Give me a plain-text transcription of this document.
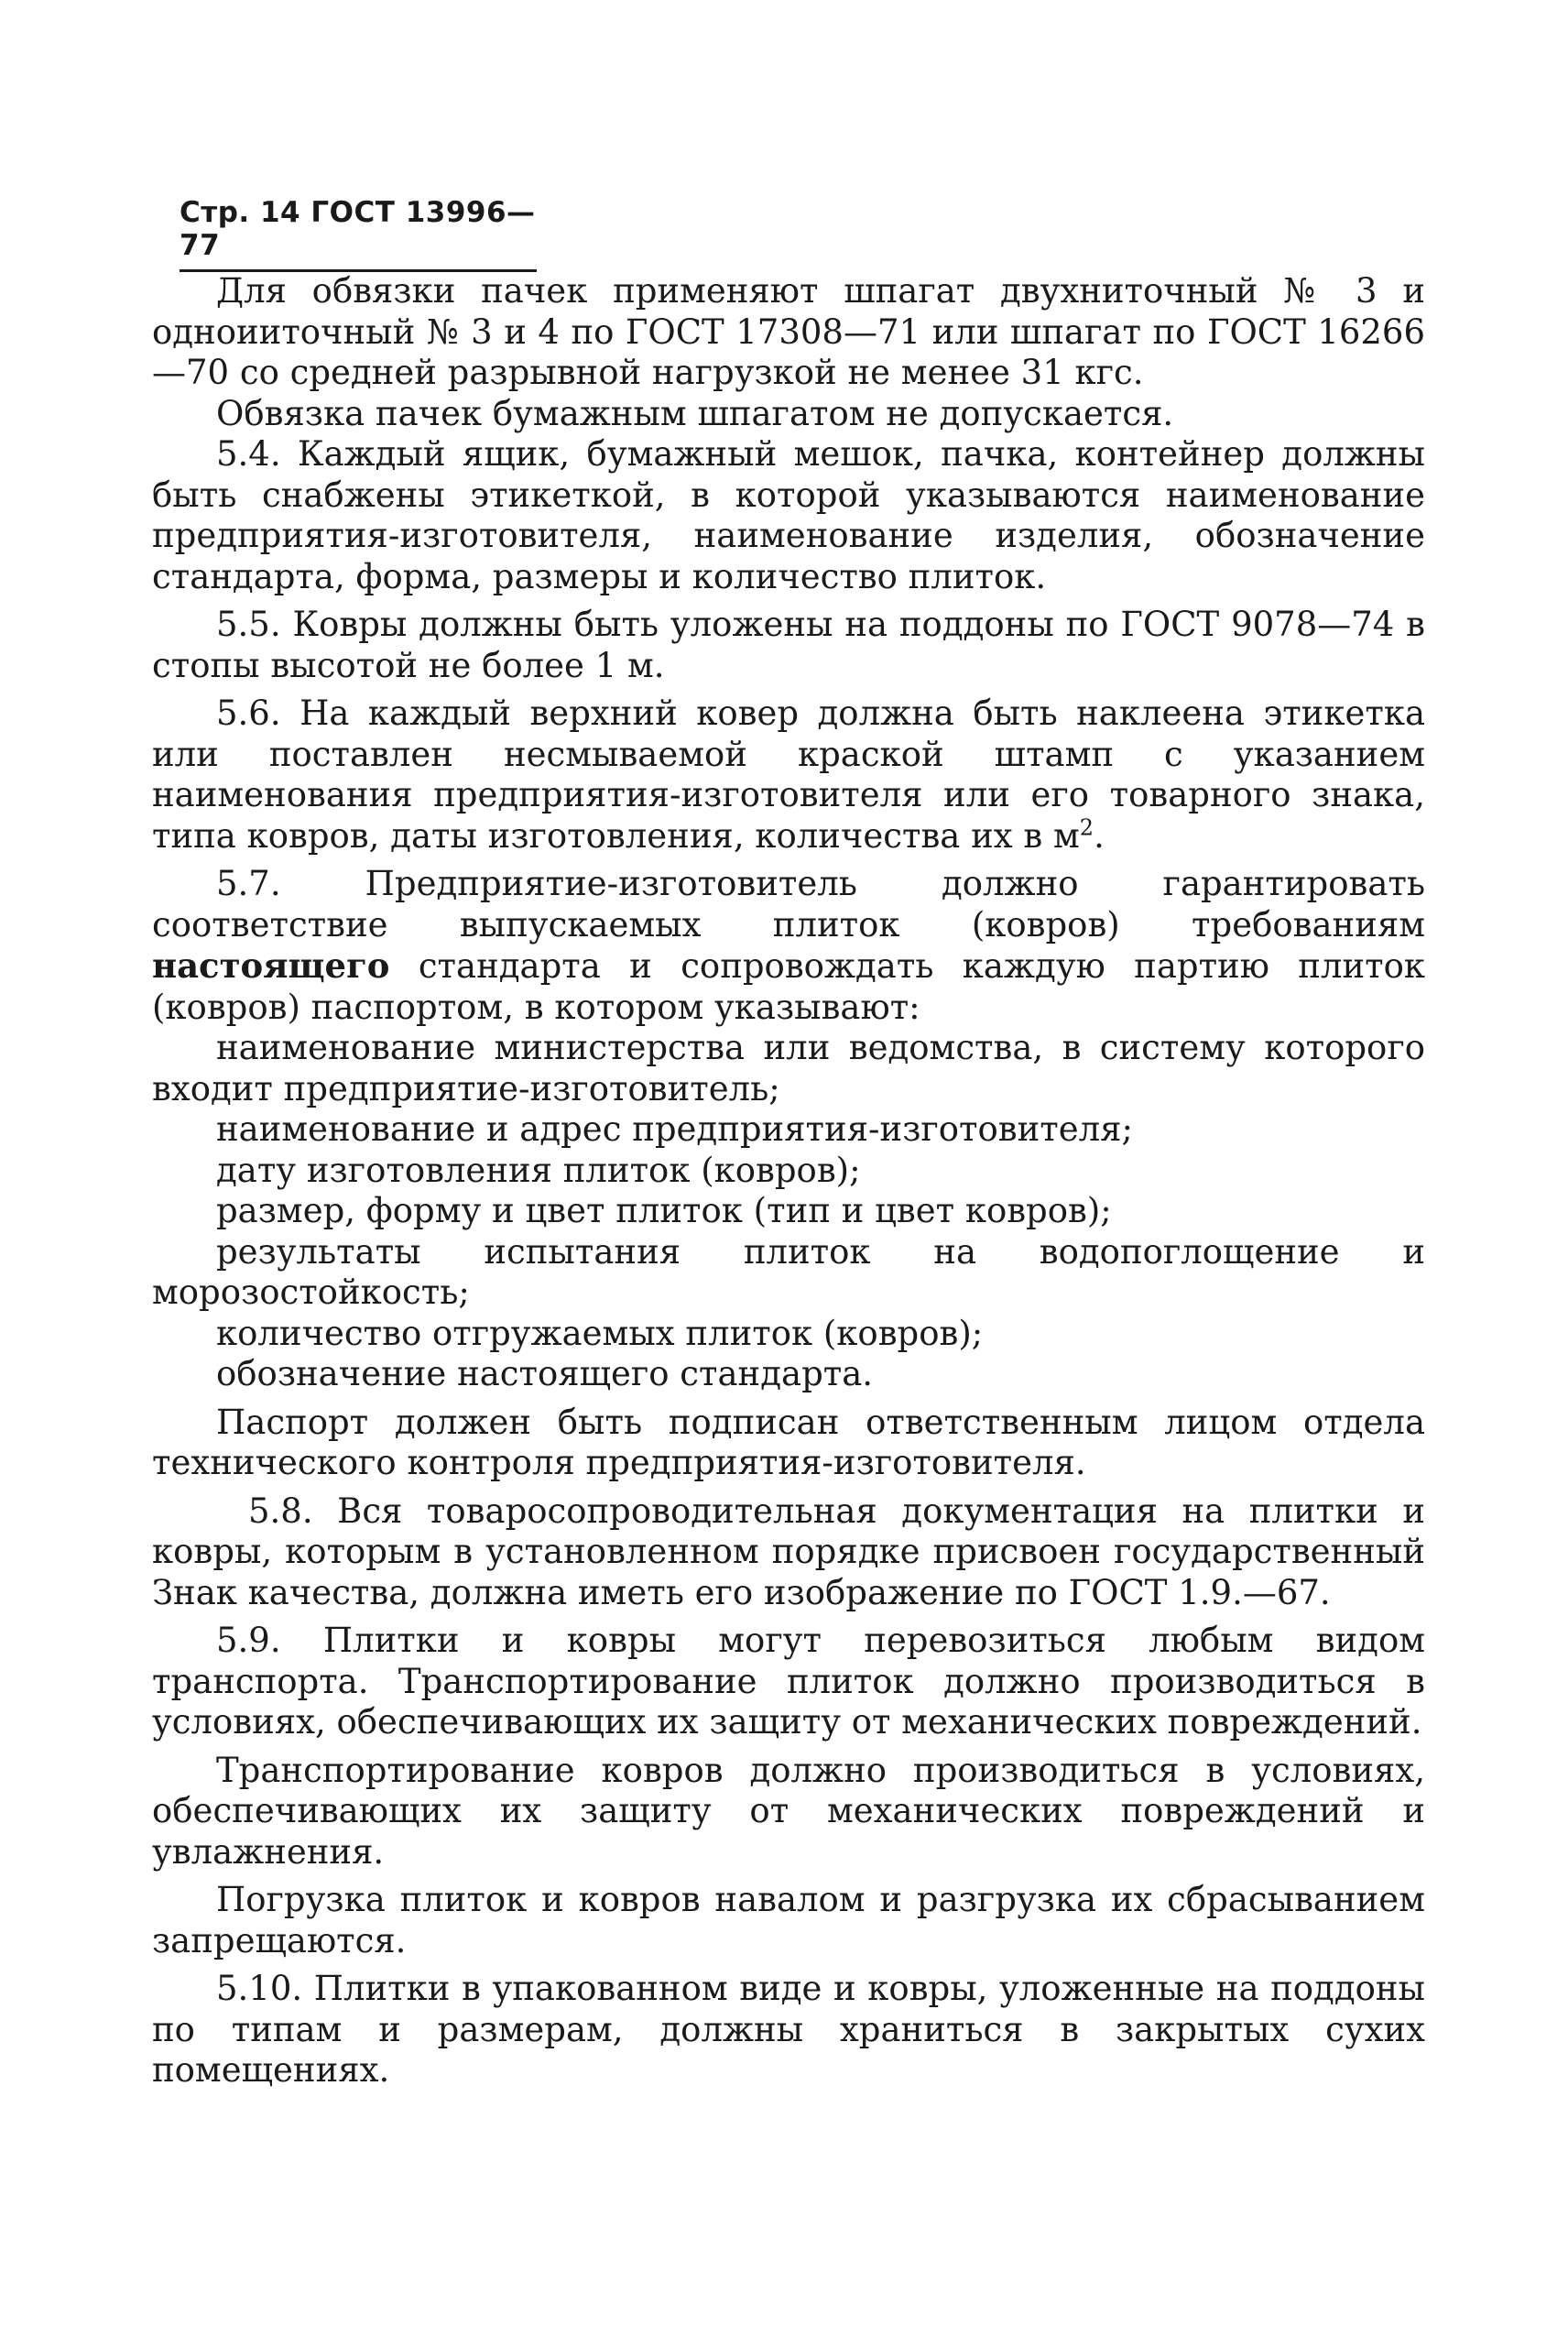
Стр. 14 ГОСТ 13996—77

Для обвязки пачек применяют шпагат двухниточный № 3 и одноииточный № 3 и 4 по ГОСТ 17308—71 или шпагат по ГОСТ 16266—70 со средней разрывной нагрузкой не менее 31 кгс.

Обвязка пачек бумажным шпагатом не допускается.

5.4. Каждый ящик, бумажный мешок, пачка, контейнер должны быть снабжены этикеткой, в которой указываются наименование предприятия-изготовителя, наименование изделия, обозначение стандарта, форма, размеры и количество плиток.

5.5. Ковры должны быть уложены на поддоны по ГОСТ 9078—74 в стопы высотой не более 1 м.

5.6. На каждый верхний ковер должна быть наклеена этикетка или поставлен несмываемой краской штамп с указанием наименования предприятия-изготовителя или его товарного знака, типа ковров, даты изготовления, количества их в $м^2$.

5.7. Предприятие-изготовитель должно гарантировать соответствие выпускаемых плиток (ковров) требованиям настоящего стандарта и сопровождать каждую партию плиток (ковров) паспортом, в котором указывают:

наименование министерства или ведомства, в систему которого входит предприятие-изготовитель;

наименование и адрес предприятия-изготовителя;

дату изготовления плиток (ковров);

размер, форму и цвет плиток (тип и цвет ковров);

результаты испытания плиток на водопоглощение и морозостойкость;

количество отгружаемых плиток (ковров);

обозначение настоящего стандарта.

Паспорт должен быть подписан ответственным лицом отдела технического контроля предприятия-изготовителя.

5.8. Вся товаросопроводительная документация на плитки и ковры, которым в установленном порядке присвоен государственный Знак качества, должна иметь его изображение по ГОСТ 1.9.—67.

5.9. Плитки и ковры могут перевозиться любым видом транспорта. Транспортирование плиток должно производиться в условиях, обеспечивающих их защиту от механических повреждений.

Транспортирование ковров должно производиться в условиях, обеспечивающих их защиту от механических повреждений и увлажнения.

Погрузка плиток и ковров навалом и разгрузка их сбрасыванием запрещаются.

5.10. Плитки в упакованном виде и ковры, уложенные на поддоны по типам и размерам, должны храниться в закрытых сухих помещениях.
